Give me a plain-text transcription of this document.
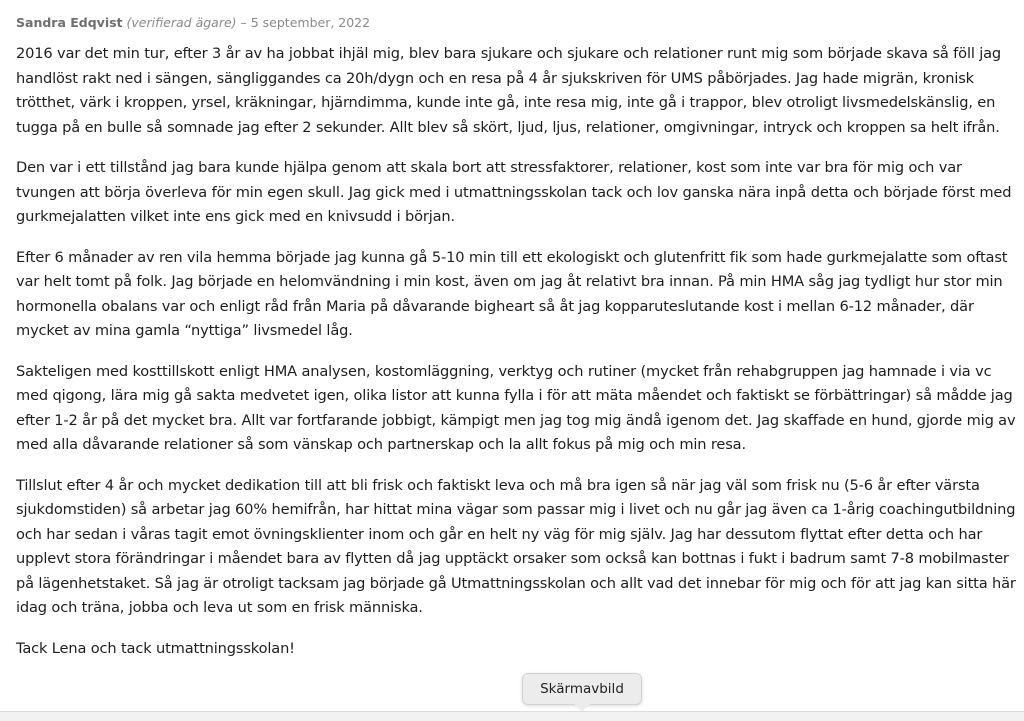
Sandra Edqvist (verifierad ägare) – 5 september, 2022

2016 var det min tur, efter 3 år av ha jobbat ihjäl mig, blev bara sjukare och sjukare och relationer runt mig som började skava så föll jag handlöst rakt ned i sängen, sängliggandes ca 20h/dygn och en resa på 4 år sjukskriven för UMS påbörjades. Jag hade migrän, kronisk trötthet, värk i kroppen, yrsel, kräkningar, hjärndimma, kunde inte gå, inte resa mig, inte gå i trappor, blev otroligt livsmedelskänslig, en tugga på en bulle så somnade jag efter 2 sekunder. Allt blev så skört, ljud, ljus, relationer, omgivningar, intryck och kroppen sa helt ifrån.

Den var i ett tillstånd jag bara kunde hjälpa genom att skala bort att stressfaktorer, relationer, kost som inte var bra för mig och var tvungen att börja överleva för min egen skull. Jag gick med i utmattningsskolan tack och lov ganska nära inpå detta och började först med gurkmejalatten vilket inte ens gick med en knivsudd i början.

Efter 6 månader av ren vila hemma började jag kunna gå 5-10 min till ett ekologiskt och glutenfritt fik som hade gurkmejalatte som oftast var helt tomt på folk. Jag började en helomvändning i min kost, även om jag åt relativt bra innan. På min HMA såg jag tydligt hur stor min hormonella obalans var och enligt råd från Maria på dåvarande bigheart så åt jag kopparuteslutande kost i mellan 6-12 månader, där mycket av mina gamla “nyttiga” livsmedel låg.

Sakteligen med kosttillskott enligt HMA analysen, kostomläggning, verktyg och rutiner (mycket från rehabgruppen jag hamnade i via vc med qigong, lära mig gå sakta medvetet igen, olika listor att kunna fylla i för att mäta måendet och faktiskt se förbättringar) så mådde jag efter 1-2 år på det mycket bra. Allt var fortfarande jobbigt, kämpigt men jag tog mig ändå igenom det. Jag skaffade en hund, gjorde mig av med alla dåvarande relationer så som vänskap och partnerskap och la allt fokus på mig och min resa.

Tillslut efter 4 år och mycket dedikation till att bli frisk och faktiskt leva och må bra igen så när jag väl som frisk nu (5-6 år efter värsta sjukdomstiden) så arbetar jag 60% hemifrån, har hittat mina vägar som passar mig i livet och nu går jag även ca 1-årig coachingutbildning och har sedan i våras tagit emot övningsklienter inom och går en helt ny väg för mig själv. Jag har dessutom flyttat efter detta och har upplevt stora förändringar i måendet bara av flytten då jag upptäckt orsaker som också kan bottnas i fukt i badrum samt 7-8 mobilmaster på lägenhetstaket. Så jag är otroligt tacksam jag började gå Utmattningsskolan och allt vad det innebar för mig och för att jag kan sitta här idag och träna, jobba och leva ut som en frisk människa.

Tack Lena och tack utmattningsskolan!

Skärmavbild
